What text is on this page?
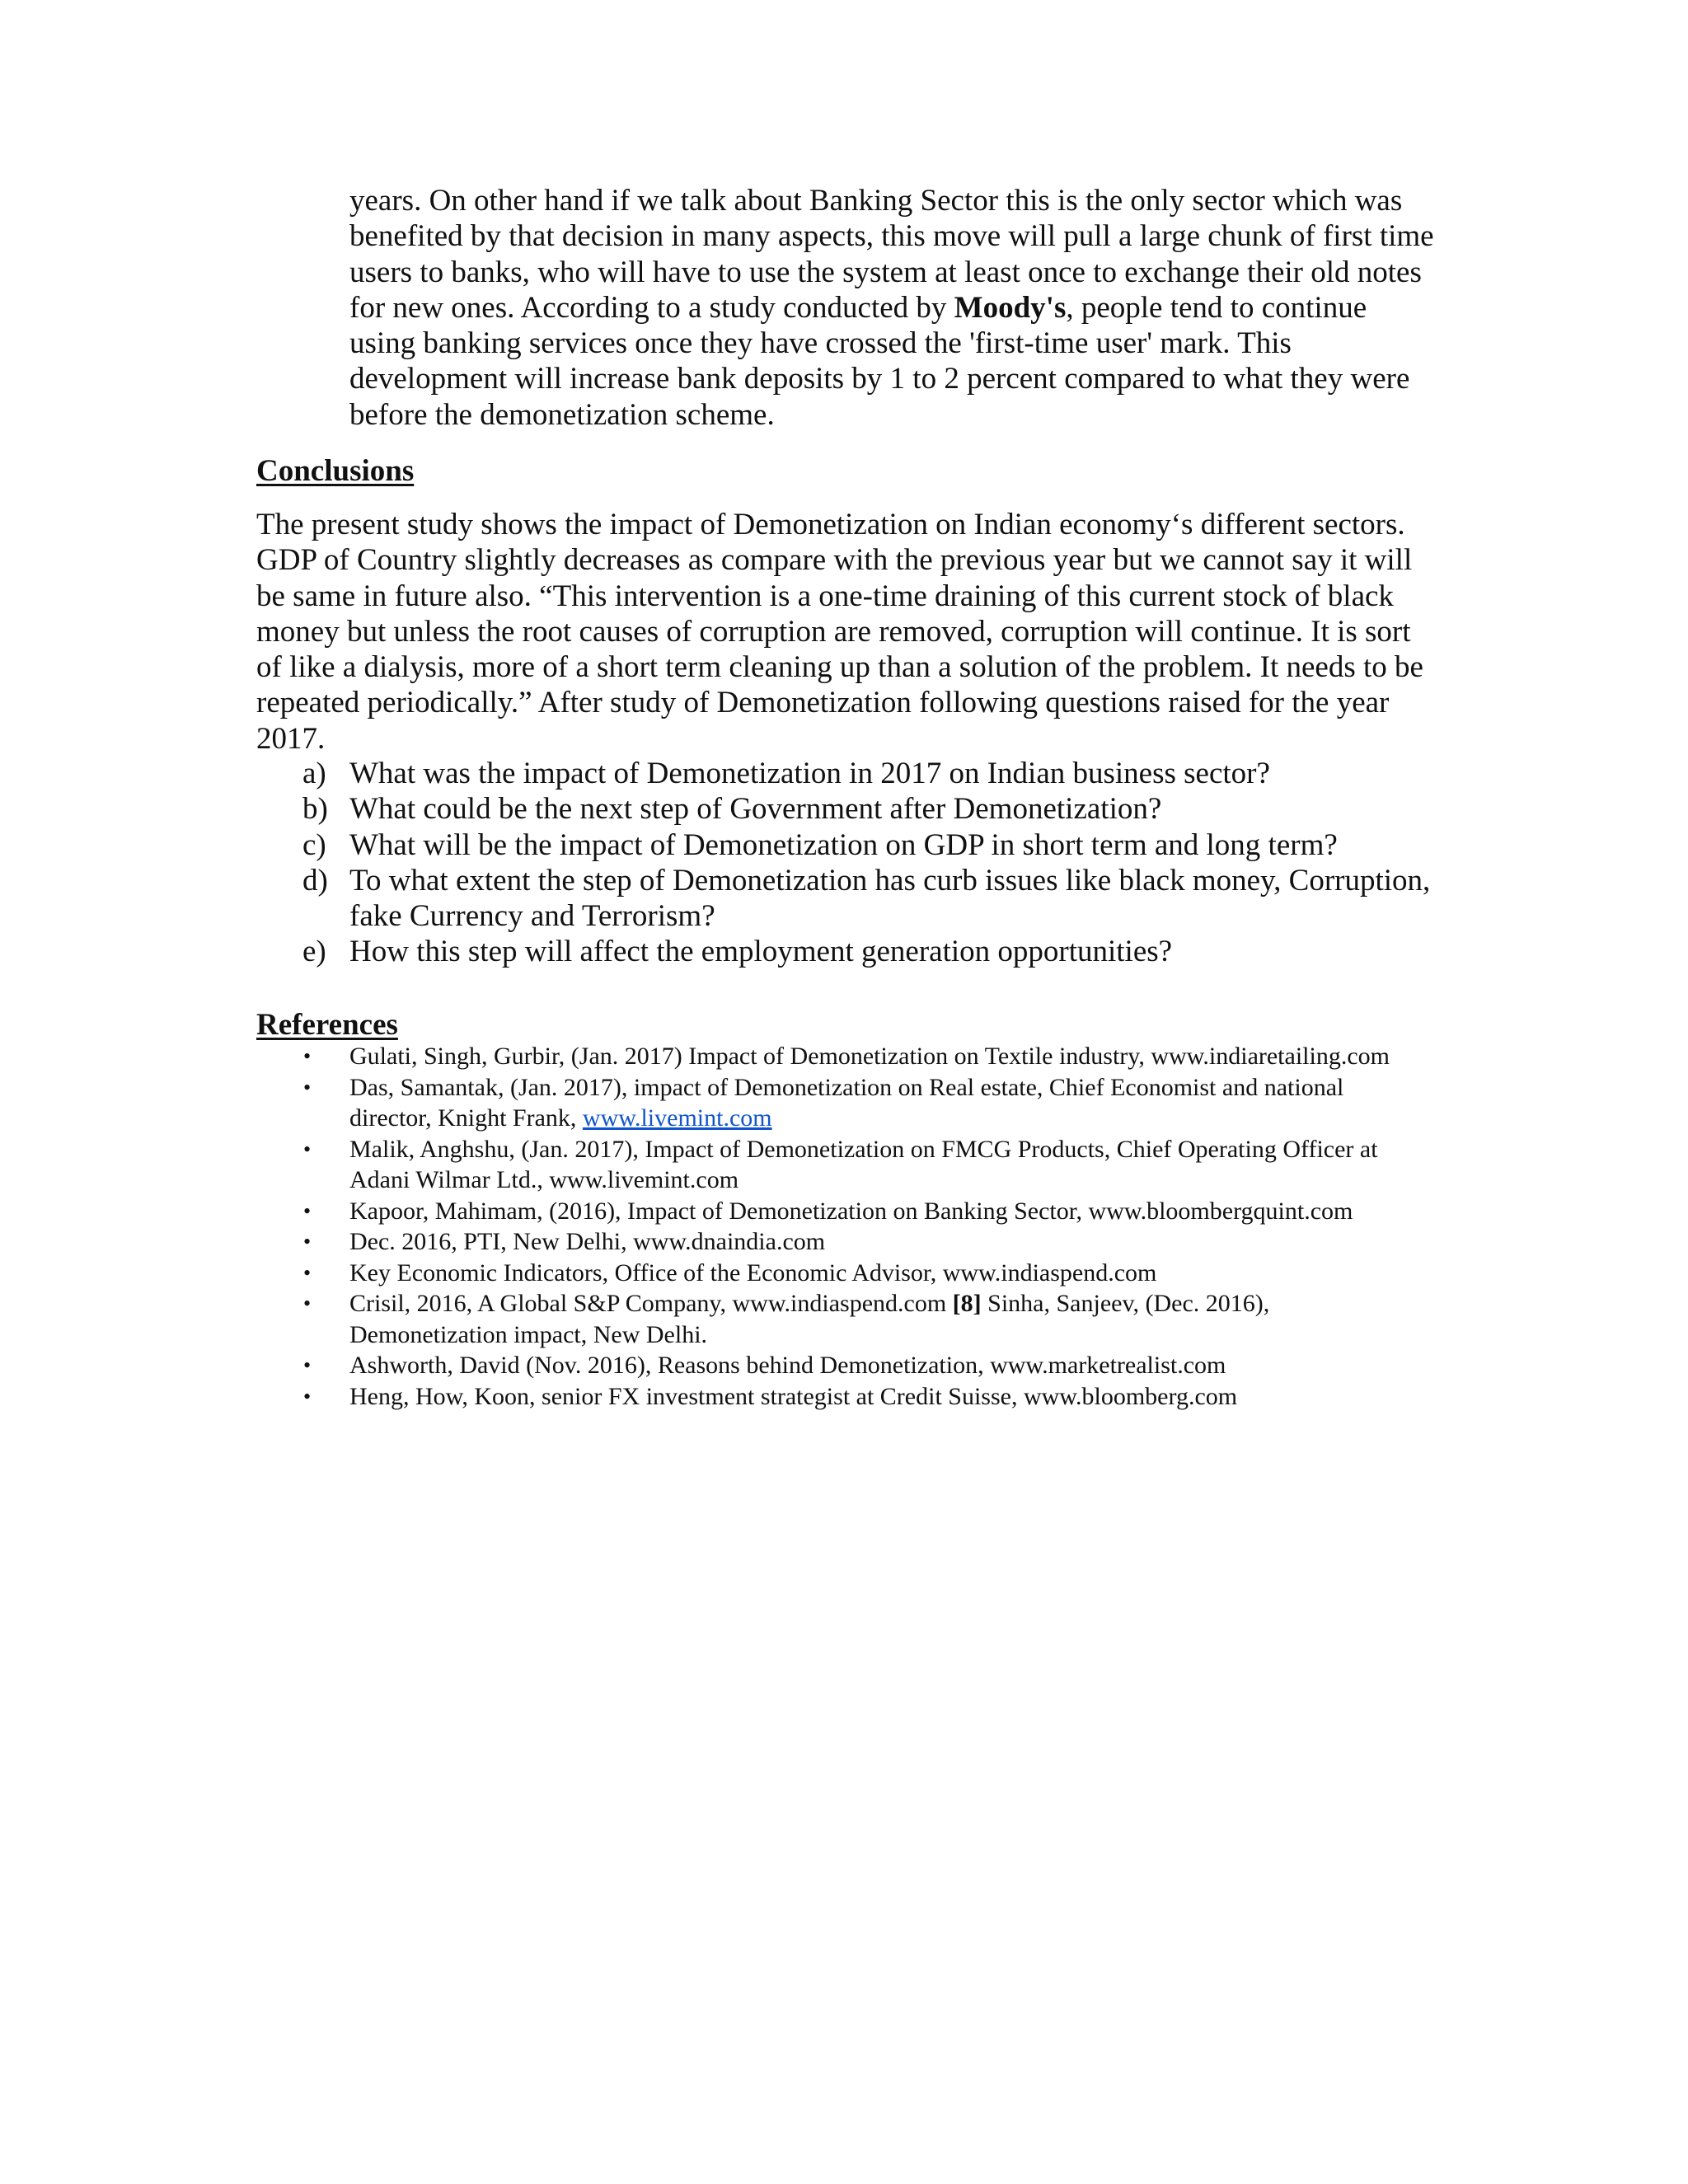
years. On other hand if we talk about Banking Sector this is the only sector which was benefited by that decision in many aspects, this move will pull a large chunk of first time users to banks, who will have to use the system at least once to exchange their old notes for new ones. According to a study conducted by Moody's, people tend to continue using banking services once they have crossed the 'first-time user' mark. This development will increase bank deposits by 1 to 2 percent compared to what they were before the demonetization scheme.

Conclusions

The present study shows the impact of Demonetization on Indian economy‘s different sectors. GDP of Country slightly decreases as compare with the previous year but we cannot say it will be same in future also. “This intervention is a one-time draining of this current stock of black money but unless the root causes of corruption are removed, corruption will continue. It is sort of like a dialysis, more of a short term cleaning up than a solution of the problem. It needs to be repeated periodically.” After study of Demonetization following questions raised for the year 2017.

a) What was the impact of Demonetization in 2017 on Indian business sector?
b) What could be the next step of Government after Demonetization?
c) What will be the impact of Demonetization on GDP in short term and long term?
d) To what extent the step of Demonetization has curb issues like black money, Corruption, fake Currency and Terrorism?
e) How this step will affect the employment generation opportunities?
References
• Gulati, Singh, Gurbir, (Jan. 2017) Impact of Demonetization on Textile industry, www.indiaretailing.com
• Das, Samantak, (Jan. 2017), impact of Demonetization on Real estate, Chief Economist and national director, Knight Frank, www.livemint.com
• Malik, Anghshu, (Jan. 2017), Impact of Demonetization on FMCG Products, Chief Operating Officer at Adani Wilmar Ltd., www.livemint.com
• Kapoor, Mahimam, (2016), Impact of Demonetization on Banking Sector, www.bloombergquint.com
• Dec. 2016, PTI, New Delhi, www.dnaindia.com
• Key Economic Indicators, Office of the Economic Advisor, www.indiaspend.com
• Crisil, 2016, A Global S&P Company, www.indiaspend.com [8] Sinha, Sanjeev, (Dec. 2016), Demonetization impact, New Delhi.
• Ashworth, David (Nov. 2016), Reasons behind Demonetization, www.marketrealist.com
• Heng, How, Koon, senior FX investment strategist at Credit Suisse, www.bloomberg.com
